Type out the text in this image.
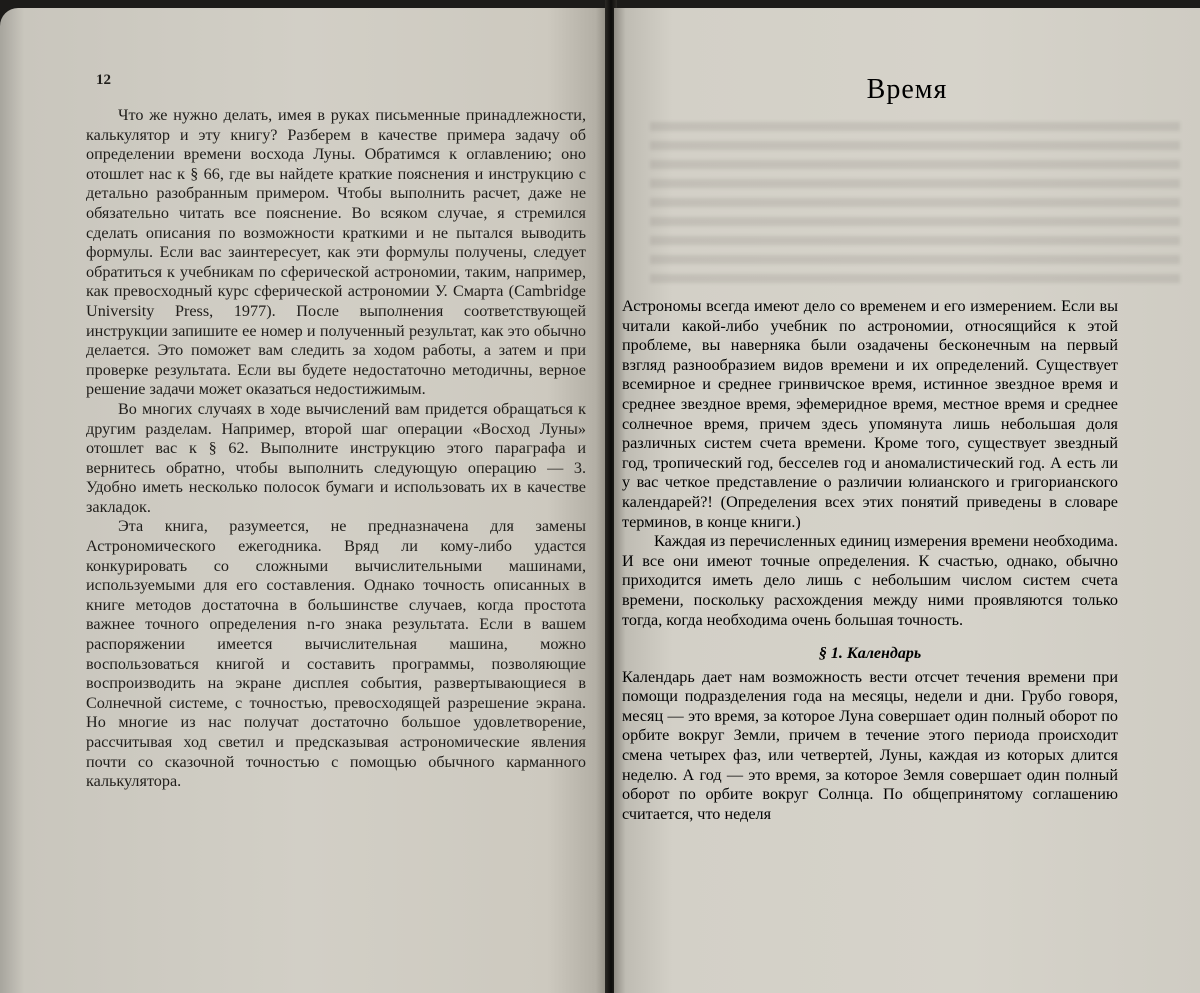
12

Что же нужно делать, имея в руках письменные принадлежности, калькулятор и эту книгу? Разберем в качестве примера задачу об определении времени восхода Луны. Обратимся к оглавлению; оно отошлет нас к § 66, где вы найдете краткие пояснения и инструкцию с детально разобранным примером. Чтобы выполнить расчет, даже не обязательно читать все пояснение. Во всяком случае, я стремился сделать описания по возможности краткими и не пытался выводить формулы. Если вас заинтересует, как эти формулы получены, следует обратиться к учебникам по сферической астрономии, таким, например, как превосходный курс сферической астрономии У. Смарта (Cambridge University Press, 1977). После выполнения соответствующей инструкции запишите ее номер и полученный результат, как это обычно делается. Это поможет вам следить за ходом работы, а затем и при проверке результата. Если вы будете недостаточно методичны, верное решение задачи может оказаться недостижимым.

Во многих случаях в ходе вычислений вам придется обращаться к другим разделам. Например, второй шаг операции «Восход Луны» отошлет вас к § 62. Выполните инструкцию этого параграфа и вернитесь обратно, чтобы выполнить следующую операцию — 3. Удобно иметь несколько полосок бумаги и использовать их в качестве закладок.

Эта книга, разумеется, не предназначена для замены Астрономического ежегодника. Вряд ли кому-либо удастся конкурировать со сложными вычислительными машинами, используемыми для его составления. Однако точность описанных в книге методов достаточна в большинстве случаев, когда простота важнее точного определения n-го знака результата. Если в вашем распоряжении имеется вычислительная машина, можно воспользоваться книгой и составить программы, позволяющие воспроизводить на экране дисплея события, развертывающиеся в Солнечной системе, с точностью, превосходящей разрешение экрана. Но многие из нас получат достаточно большое удовлетворение, рассчитывая ход светил и предсказывая астрономические явления почти со сказочной точностью с помощью обычного карманного калькулятора.

Время

Астрономы всегда имеют дело со временем и его измерением. Если вы читали какой-либо учебник по астрономии, относящийся к этой проблеме, вы наверняка были озадачены бесконечным на первый взгляд разнообразием видов времени и их определений. Существует всемирное и среднее гринвичское время, истинное звездное время и среднее звездное время, эфемеридное время, местное время и среднее солнечное время, причем здесь упомянута лишь небольшая доля различных систем счета времени. Кроме того, существует звездный год, тропический год, бесселев год и аномалистический год. А есть ли у вас четкое представление о различии юлианского и григорианского календарей?! (Определения всех этих понятий приведены в словаре терминов, в конце книги.)

Каждая из перечисленных единиц измерения времени необходима. И все они имеют точные определения. К счастью, однако, обычно приходится иметь дело лишь с небольшим числом систем счета времени, поскольку расхождения между ними проявляются только тогда, когда необходима очень большая точность.

§ 1. Календарь

Календарь дает нам возможность вести отсчет течения времени при помощи подразделения года на месяцы, недели и дни. Грубо говоря, месяц — это время, за которое Луна совершает один полный оборот по орбите вокруг Земли, причем в течение этого периода происходит смена четырех фаз, или четвертей, Луны, каждая из которых длится неделю. А год — это время, за которое Земля совершает один полный оборот по орбите вокруг Солнца. По общепринятому соглашению считается, что неделя
